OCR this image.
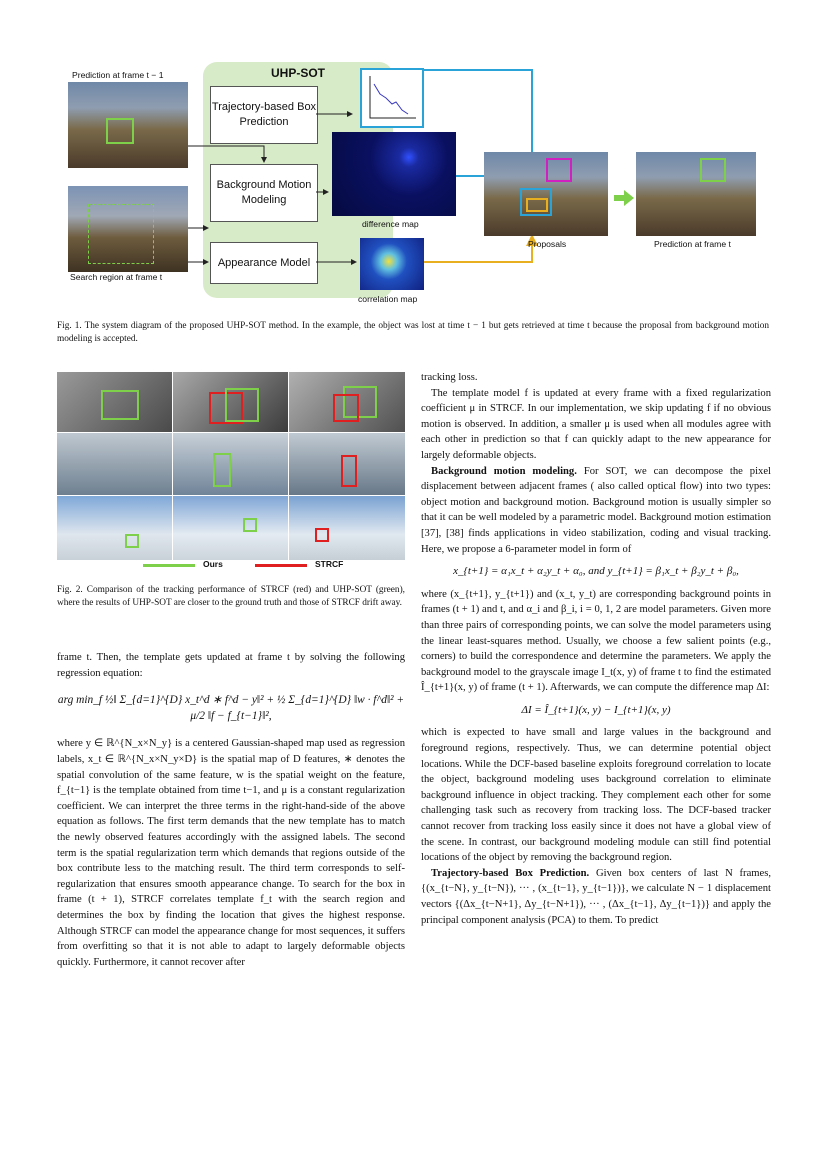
UHP-SOT
Prediction at frame t − 1
Search region at frame t
Trajectory-based Box Prediction
Background Motion Modeling
Appearance Model
difference map
correlation map
Proposals	Prediction at frame t
Fig. 1. The system diagram of the proposed UHP-SOT method. In the example, the object was lost at time t − 1 but gets retrieved at time t because the proposal from background motion modeling is accepted.
Ours	STRCF
Fig. 2. Comparison of the tracking performance of STRCF (red) and UHP-SOT (green), where the results of UHP-SOT are closer to the ground truth and those of STRCF drift away.

frame t. Then, the template gets updated at frame t by solving the following regression equation:

arg min_f ½‖ Σ_{d=1}^{D} x_t^d ∗ f^d − y‖² + ½ Σ_{d=1}^{D} ‖w · f^d‖² + μ/2 ‖f − f_{t−1}‖²,

where y ∈ ℝ^{N_x×N_y} is a centered Gaussian-shaped map used as regression labels, x_t ∈ ℝ^{N_x×N_y×D} is the spatial map of D features, ∗ denotes the spatial convolution of the same feature, w is the spatial weight on the feature, f_{t−1} is the template obtained from time t−1, and μ is a constant regularization coefficient. We can interpret the three terms in the right-hand-side of the above equation as follows. The first term demands that the new template has to match the newly observed features accordingly with the assigned labels. The second term is the spatial regularization term which demands that regions outside of the box contribute less to the matching result. The third term corresponds to self-regularization that ensures smooth appearance change. To search for the box in frame (t + 1), STRCF correlates template f_t with the search region and determines the box by finding the location that gives the highest response. Although STRCF can model the appearance change for most sequences, it suffers from overfitting so that it is not able to adapt to largely deformable objects quickly. Furthermore, it cannot recover after

tracking loss.

The template model f is updated at every frame with a fixed regularization coefficient μ in STRCF. In our implementation, we skip updating f if no obvious motion is observed. In addition, a smaller μ is used when all modules agree with each other in prediction so that f can quickly adapt to the new appearance for largely deformable objects.

Background motion modeling. For SOT, we can decompose the pixel displacement between adjacent frames ( also called optical flow) into two types: object motion and background motion. Background motion is usually simpler so that it can be well modeled by a parametric model. Background motion estimation [37], [38] finds applications in video stabilization, coding and visual tracking. Here, we propose a 6-parameter model in form of

x_{t+1} = α₁x_t + α₂y_t + α₀, and y_{t+1} = β₁x_t + β₂y_t + β₀,

where (x_{t+1}, y_{t+1}) and (x_t, y_t) are corresponding background points in frames (t + 1) and t, and α_i and β_i, i = 0, 1, 2 are model parameters. Given more than three pairs of corresponding points, we can solve the model parameters using the linear least-squares method. Usually, we choose a few salient points (e.g., corners) to build the correspondence and determine the parameters. We apply the background model to the grayscale image I_t(x, y) of frame t to find the estimated Î_{t+1}(x, y) of frame (t + 1). Afterwards, we can compute the difference map ΔI:

ΔI = Î_{t+1}(x, y) − I_{t+1}(x, y)

which is expected to have small and large values in the background and foreground regions, respectively. Thus, we can determine potential object locations. While the DCF-based baseline exploits foreground correlation to locate the object, background modeling uses background correlation to eliminate background influence in object tracking. They complement each other for some challenging task such as recovery from tracking loss. The DCF-based tracker cannot recover from tracking loss easily since it does not have a global view of the scene. In contrast, our background modeling module can still find potential locations of the object by removing the background region.

Trajectory-based Box Prediction. Given box centers of last N frames, {(x_{t−N}, y_{t−N}), ··· , (x_{t−1}, y_{t−1})}, we calculate N − 1 displacement vectors {(Δx_{t−N+1}, Δy_{t−N+1}), ··· , (Δx_{t−1}, Δy_{t−1})} and apply the principal component analysis (PCA) to them. To predict
